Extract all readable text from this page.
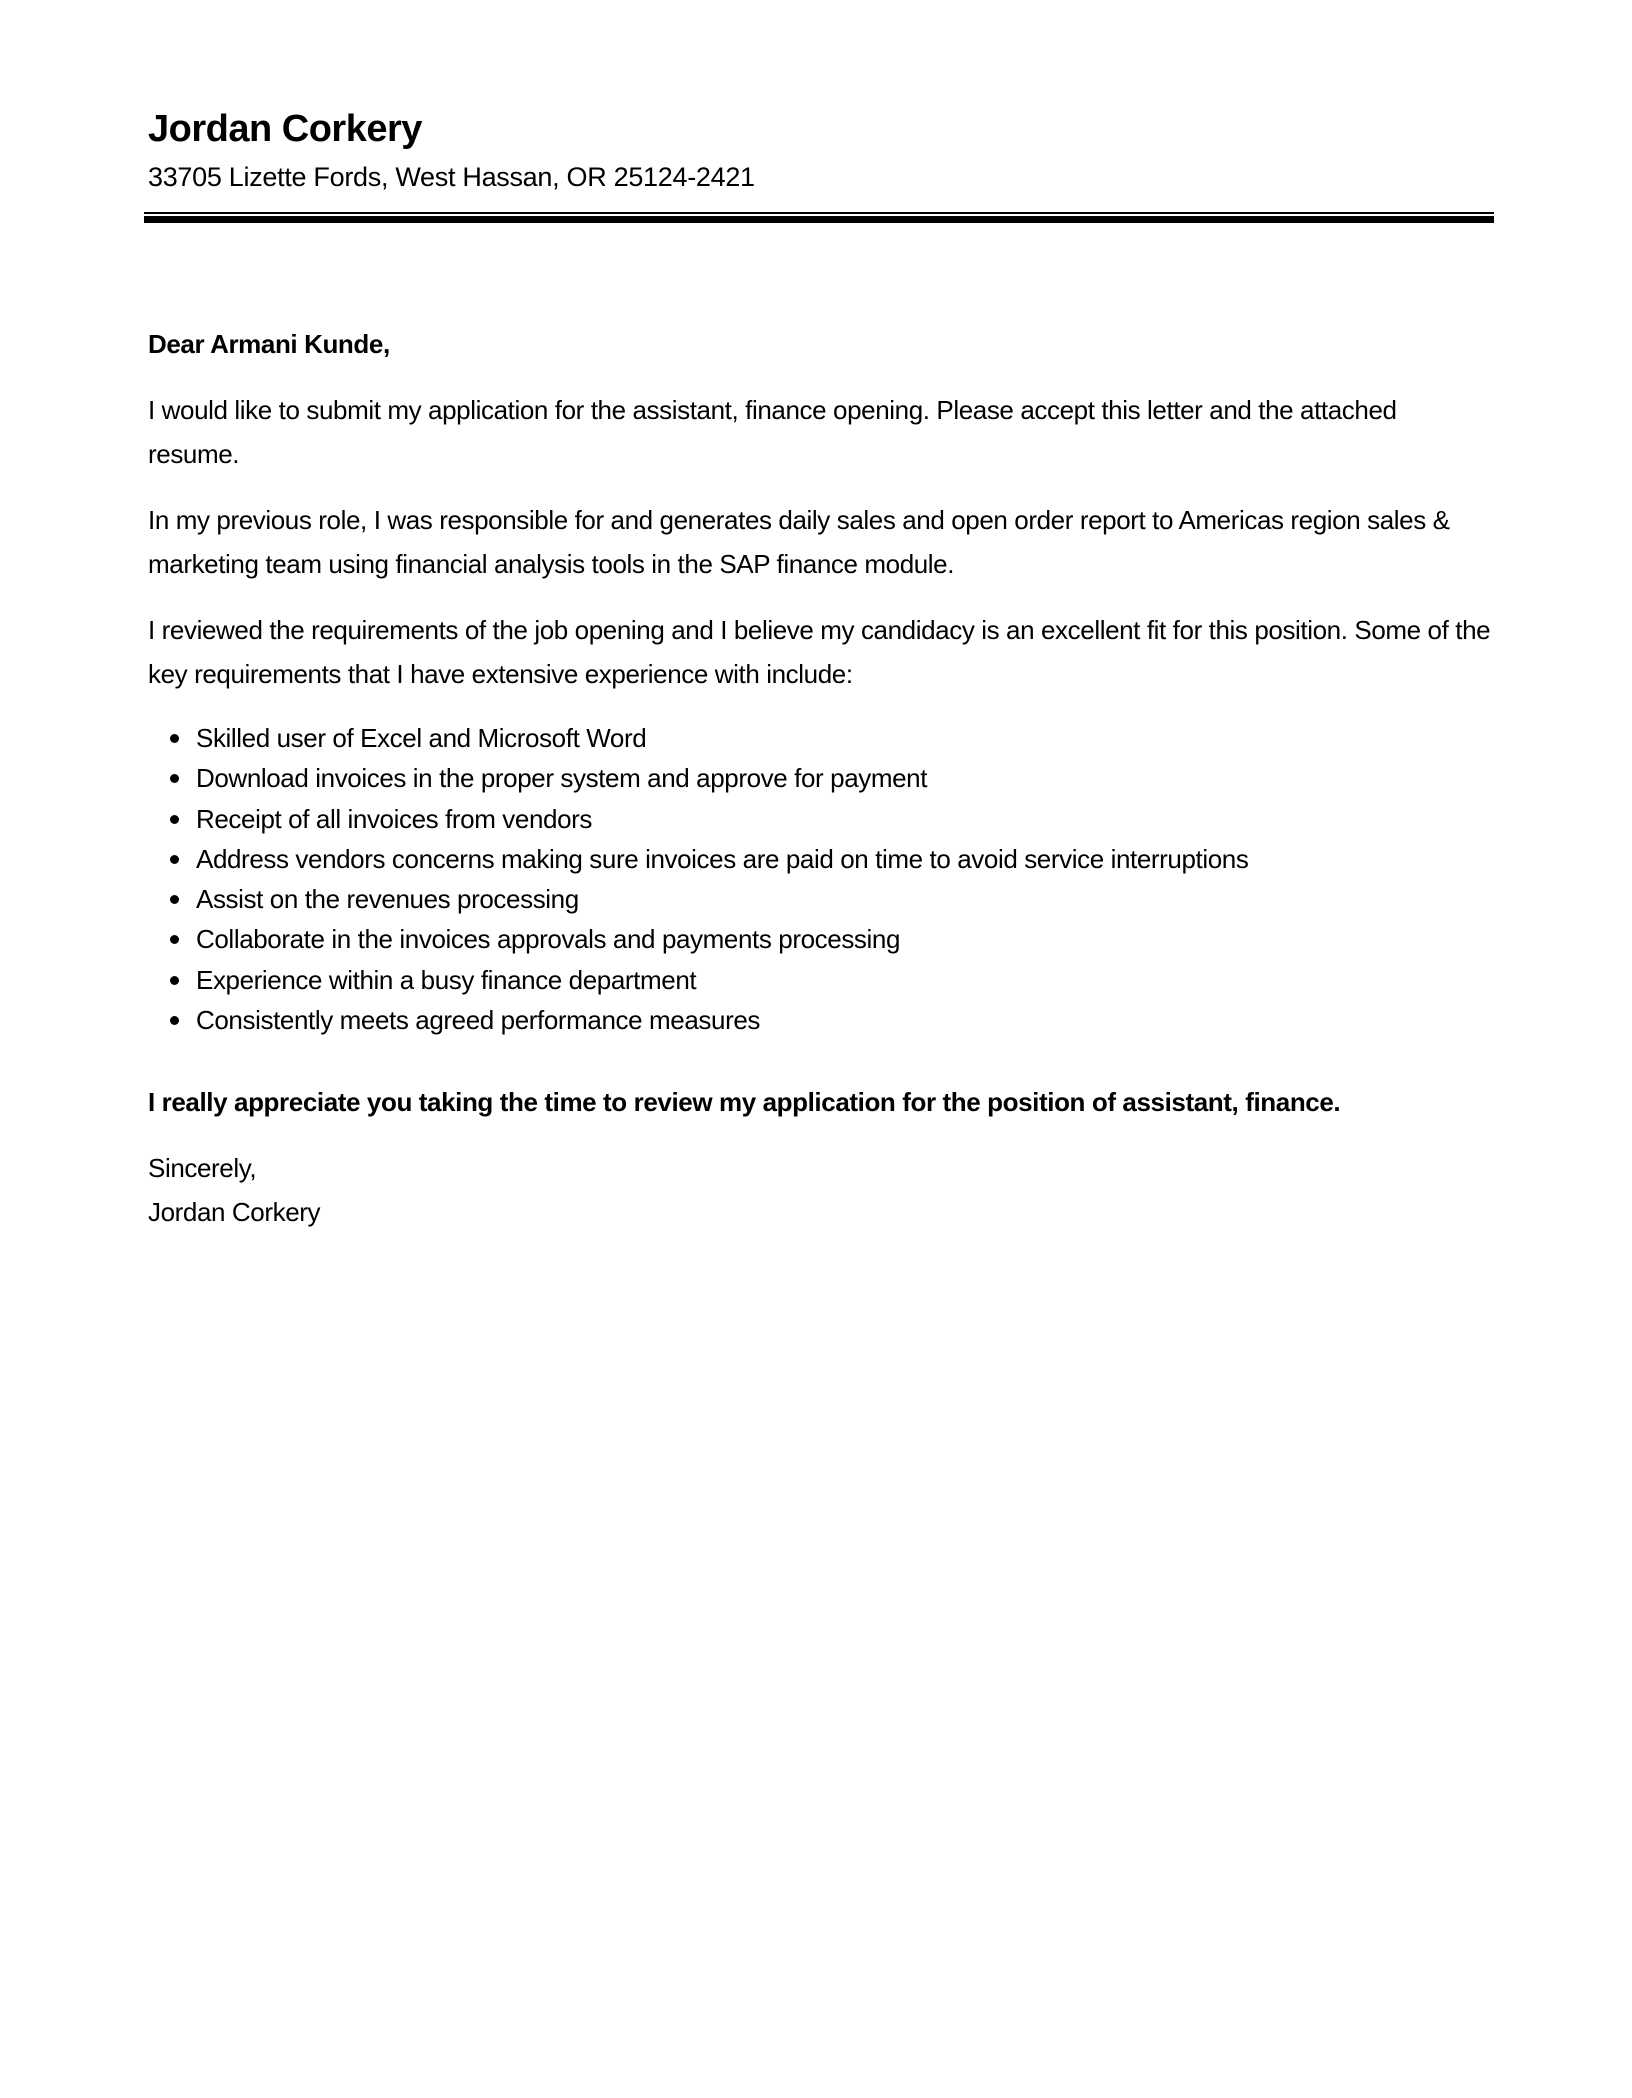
Jordan Corkery
33705 Lizette Fords, West Hassan, OR 25124-2421

Dear Armani Kunde,

I would like to submit my application for the assistant, finance opening. Please accept this letter and the attached resume.

In my previous role, I was responsible for and generates daily sales and open order report to Americas region sales & marketing team using financial analysis tools in the SAP finance module.

I reviewed the requirements of the job opening and I believe my candidacy is an excellent fit for this position. Some of the key requirements that I have extensive experience with include:

Skilled user of Excel and Microsoft Word
Download invoices in the proper system and approve for payment
Receipt of all invoices from vendors
Address vendors concerns making sure invoices are paid on time to avoid service interruptions
Assist on the revenues processing
Collaborate in the invoices approvals and payments processing
Experience within a busy finance department
Consistently meets agreed performance measures

I really appreciate you taking the time to review my application for the position of assistant, finance.

Sincerely,

Jordan Corkery
